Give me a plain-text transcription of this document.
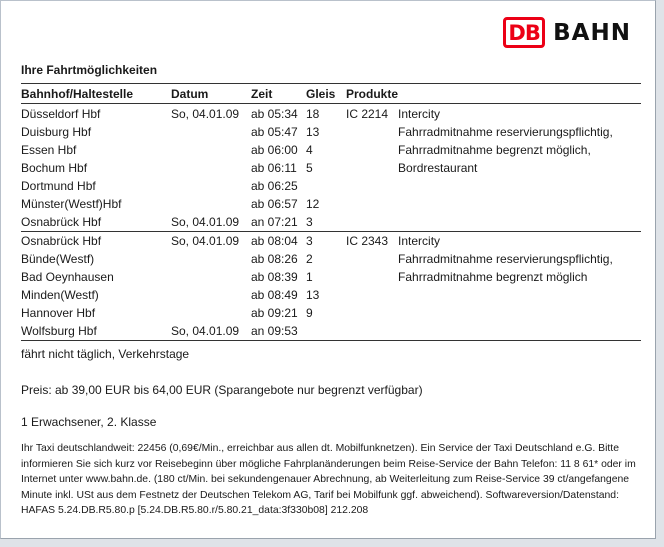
DB BAHN
Ihre Fahrtmöglichkeiten
Bahnhof/Haltestelle	Datum	Zeit	Gleis	Produkte	
Düsseldorf Hbf	So, 04.01.09	ab 05:34	18	IC 2214	Intercity
Duisburg Hbf		ab 05:47	13		Fahrradmitnahme reservierungspflichtig,
Essen Hbf		ab 06:00	4		Fahrradmitnahme begrenzt möglich,
Bochum Hbf		ab 06:11	5		Bordrestaurant
Dortmund Hbf		ab 06:25			
Münster(Westf)Hbf		ab 06:57	12		
Osnabrück Hbf	So, 04.01.09	an 07:21	3		
Osnabrück Hbf	So, 04.01.09	ab 08:04	3	IC 2343	Intercity
Bünde(Westf)		ab 08:26	2		Fahrradmitnahme reservierungspflichtig,
Bad Oeynhausen		ab 08:39	1		Fahrradmitnahme begrenzt möglich
Minden(Westf)		ab 08:49	13		
Hannover Hbf		ab 09:21	9		
Wolfsburg Hbf	So, 04.01.09	an 09:53			

fährt nicht täglich, Verkehrstage

Preis: ab 39,00 EUR bis 64,00 EUR (Sparangebote nur begrenzt verfügbar)

1 Erwachsener, 2. Klasse

Ihr Taxi deutschlandweit: 22456 (0,69€/Min., erreichbar aus allen dt. Mobilfunknetzen). Ein Service der Taxi Deutschland e.G. Bitte informieren Sie sich kurz vor Reisebeginn über mögliche Fahrplanänderungen beim Reise-Service der Bahn Telefon: 11 8 61* oder im Internet unter www.bahn.de. (180 ct/Min. bei sekundengenauer Abrechnung, ab Weiterleitung zum Reise-Service 39 ct/angefangene Minute inkl. USt aus dem Festnetz der Deutschen Telekom AG, Tarif bei Mobilfunk ggf. abweichend). Softwareversion/Datenstand: HAFAS 5.24.DB.R5.80.p [5.24.DB.R5.80.r/5.80.21_data:3f330b08] 212.208
